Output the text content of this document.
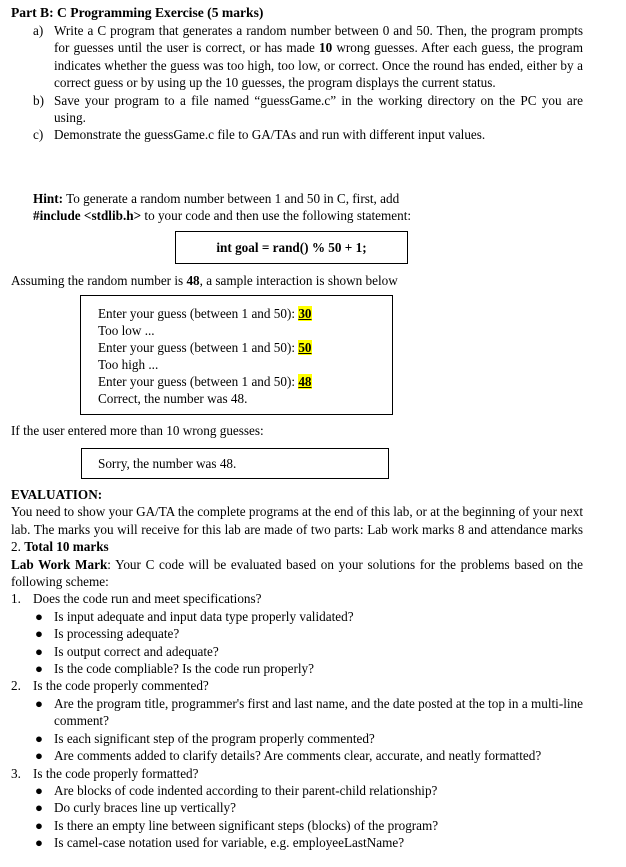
Part B: C Programming Exercise (5 marks)
a) Write a C program that generates a random number between 0 and 50. Then, the program prompts for guesses until the user is correct, or has made 10 wrong guesses. After each guess, the program indicates whether the guess was too high, too low, or correct. Once the round has ended, either by a correct guess or by using up the 10 guesses, the program displays the current status.
b) Save your program to a file named “guessGame.c” in the working directory on the PC you are using.
c) Demonstrate the guessGame.c file to GA/TAs and run with different input values.
Hint: To generate a random number between 1 and 50 in C, first, add
#include <stdlib.h> to your code and then use the following statement:
int goal = rand() % 50 + 1;
Assuming the random number is 48, a sample interaction is shown below
Enter your guess (between 1 and 50): 30
Too low ...
Enter your guess (between 1 and 50): 50
Too high ...
Enter your guess (between 1 and 50): 48
Correct, the number was 48.
If the user entered more than 10 wrong guesses:
Sorry, the number was 48.
EVALUATION:
You need to show your GA/TA the complete programs at the end of this lab, or at the beginning of your next lab. The marks you will receive for this lab are made of two parts: Lab work marks 8 and attendance marks 2. Total 10 marks
Lab Work Mark: Your C code will be evaluated based on your solutions for the problems based on the following scheme:
1. Does the code run and meet specifications?
● Is input adequate and input data type properly validated?
● Is processing adequate?
● Is output correct and adequate?
● Is the code compliable? Is the code run properly?
2. Is the code properly commented?
● Are the program title, programmer's first and last name, and the date posted at the top in a multi-line comment?
● Is each significant step of the program properly commented?
● Are comments added to clarify details? Are comments clear, accurate, and neatly formatted?
3. Is the code properly formatted?
● Are blocks of code indented according to their parent-child relationship?
● Do curly braces line up vertically?
● Is there an empty line between significant steps (blocks) of the program?
● Is camel-case notation used for variable, e.g. employeeLastName?
